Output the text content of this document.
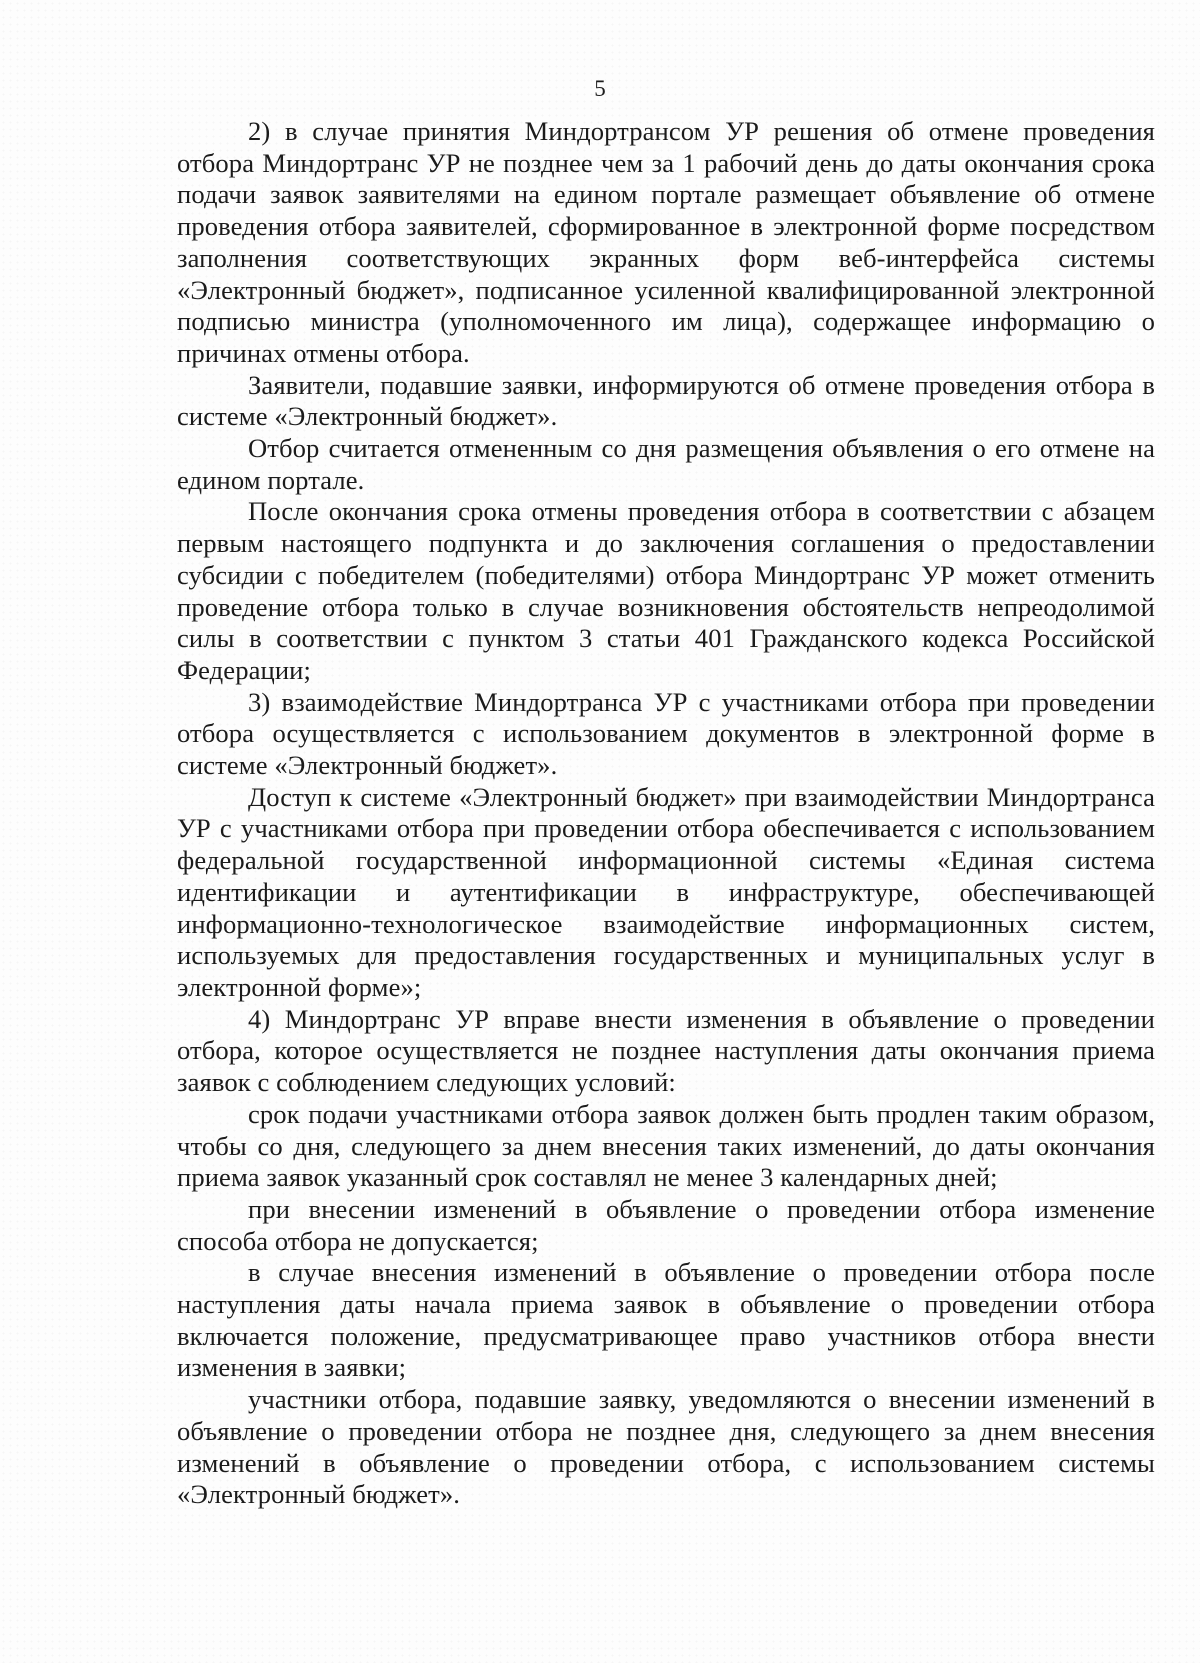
5

2) в случае принятия Миндортрансом УР решения об отмене проведения отбора Миндортранс УР не позднее чем за 1 рабочий день до даты окончания срока подачи заявок заявителями на едином портале размещает объявление об отмене проведения отбора заявителей, сформированное в электронной форме посредством заполнения соответствующих экранных форм веб-интерфейса системы «Электронный бюджет», подписанное усиленной квалифицированной электронной подписью министра (уполномоченного им лица), содержащее информацию о причинах отмены отбора.

Заявители, подавшие заявки, информируются об отмене проведения отбора в системе «Электронный бюджет».

Отбор считается отмененным со дня размещения объявления о его отмене на едином портале.

После окончания срока отмены проведения отбора в соответствии с абзацем первым настоящего подпункта и до заключения соглашения о предоставлении субсидии с победителем (победителями) отбора Миндортранс УР может отменить проведение отбора только в случае возникновения обстоятельств непреодолимой силы в соответствии с пунктом 3 статьи 401 Гражданского кодекса Российской Федерации;

3) взаимодействие Миндортранса УР с участниками отбора при проведении отбора осуществляется с использованием документов в электронной форме в системе «Электронный бюджет».

Доступ к системе «Электронный бюджет» при взаимодействии Миндортранса УР с участниками отбора при проведении отбора обеспечивается с использованием федеральной государственной информационной системы «Единая система идентификации и аутентификации в инфраструктуре, обеспечивающей информационно-технологическое взаимодействие информационных систем, используемых для предоставления государственных и муниципальных услуг в электронной форме»;

4) Миндортранс УР вправе внести изменения в объявление о проведении отбора, которое осуществляется не позднее наступления даты окончания приема заявок с соблюдением следующих условий:

срок подачи участниками отбора заявок должен быть продлен таким образом, чтобы со дня, следующего за днем внесения таких изменений, до даты окончания приема заявок указанный срок составлял не менее 3 календарных дней;

при внесении изменений в объявление о проведении отбора изменение способа отбора не допускается;

в случае внесения изменений в объявление о проведении отбора после наступления даты начала приема заявок в объявление о проведении отбора включается положение, предусматривающее право участников отбора внести изменения в заявки;

участники отбора, подавшие заявку, уведомляются о внесении изменений в объявление о проведении отбора не позднее дня, следующего за днем внесения изменений в объявление о проведении отбора, с использованием системы «Электронный бюджет».
